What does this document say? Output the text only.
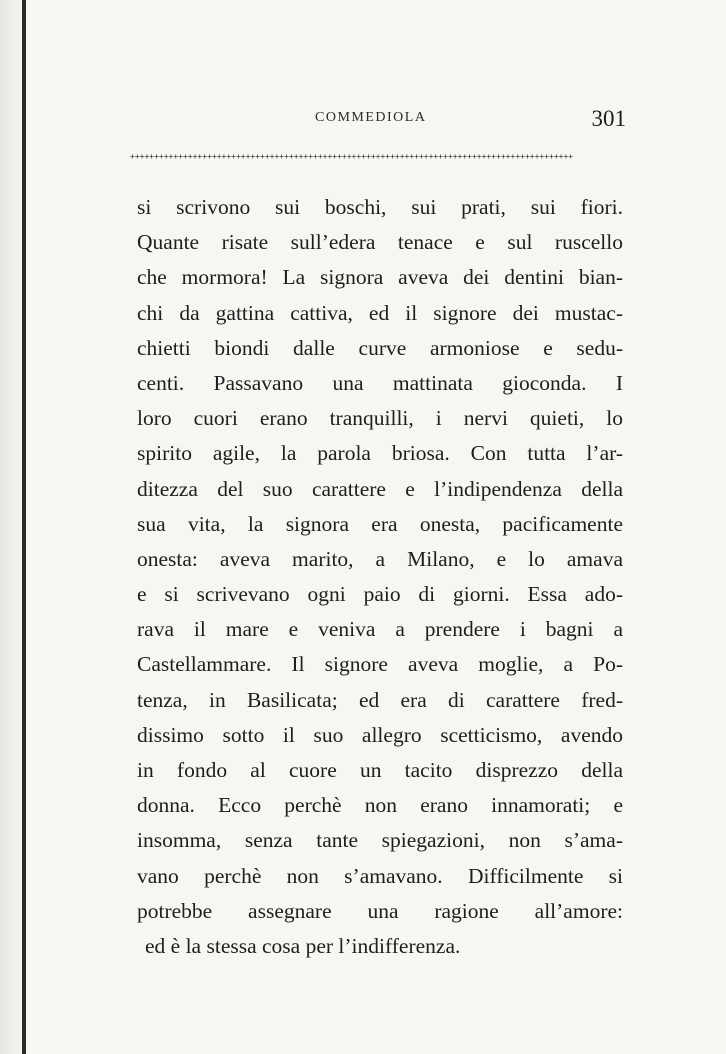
COMMEDIOLA	301
++++++++++++++++++++++++++++++++++++++++++++++++++++++++++++++++++++++++++++++++++++++++++++
si scrivono sui boschi, sui prati, sui fiori.
Quante risate sull’edera tenace e sul ruscello
che mormora! La signora aveva dei dentini bian-
chi da gattina cattiva, ed il signore dei mustac-
chietti biondi dalle curve armoniose e sedu-
centi. Passavano una mattinata gioconda. I
loro cuori erano tranquilli, i nervi quieti, lo
spirito agile, la parola briosa. Con tutta l’ar-
ditezza del suo carattere e l’indipendenza della
sua vita, la signora era onesta, pacificamente
onesta: aveva marito, a Milano, e lo amava
e si scrivevano ogni paio di giorni. Essa ado-
rava il mare e veniva a prendere i bagni a
Castellammare. Il signore aveva moglie, a Po-
tenza, in Basilicata; ed era di carattere fred-
dissimo sotto il suo allegro scetticismo, avendo
in fondo al cuore un tacito disprezzo della
donna. Ecco perchè non erano innamorati; e
insomma, senza tante spiegazioni, non s’ama-
vano perchè non s’amavano. Difficilmente si
potrebbe assegnare una ragione all’amore:
ed è la stessa cosa per l’indifferenza.
